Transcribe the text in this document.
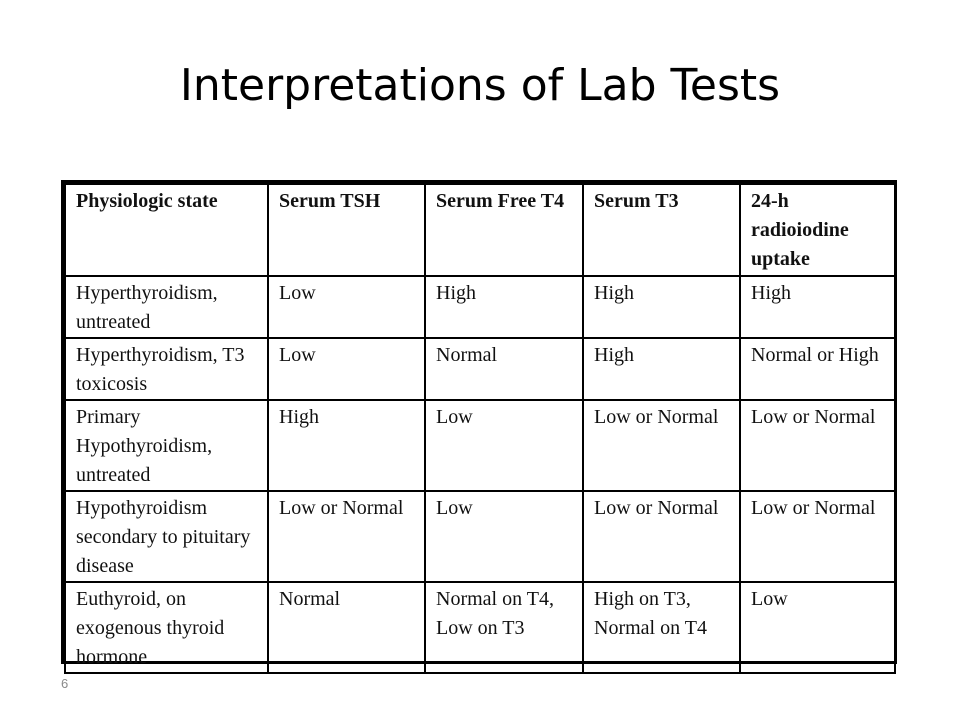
Interpretations of Lab Tests
Physiologic state	Serum TSH	Serum Free T4	Serum T3	24-h radioiodine uptake
Hyperthyroidism, untreated	Low	High	High	High
Hyperthyroidism, T3 toxicosis	Low	Normal	High	Normal or High
Primary Hypothyroidism, untreated	High	Low	Low or Normal	Low or Normal
Hypothyroidism secondary to pituitary disease	Low or Normal	Low	Low or Normal	Low or Normal
Euthyroid, on exogenous thyroid hormone	Normal	Normal on T4, Low on T3	High on T3, Normal on T4	Low
6
